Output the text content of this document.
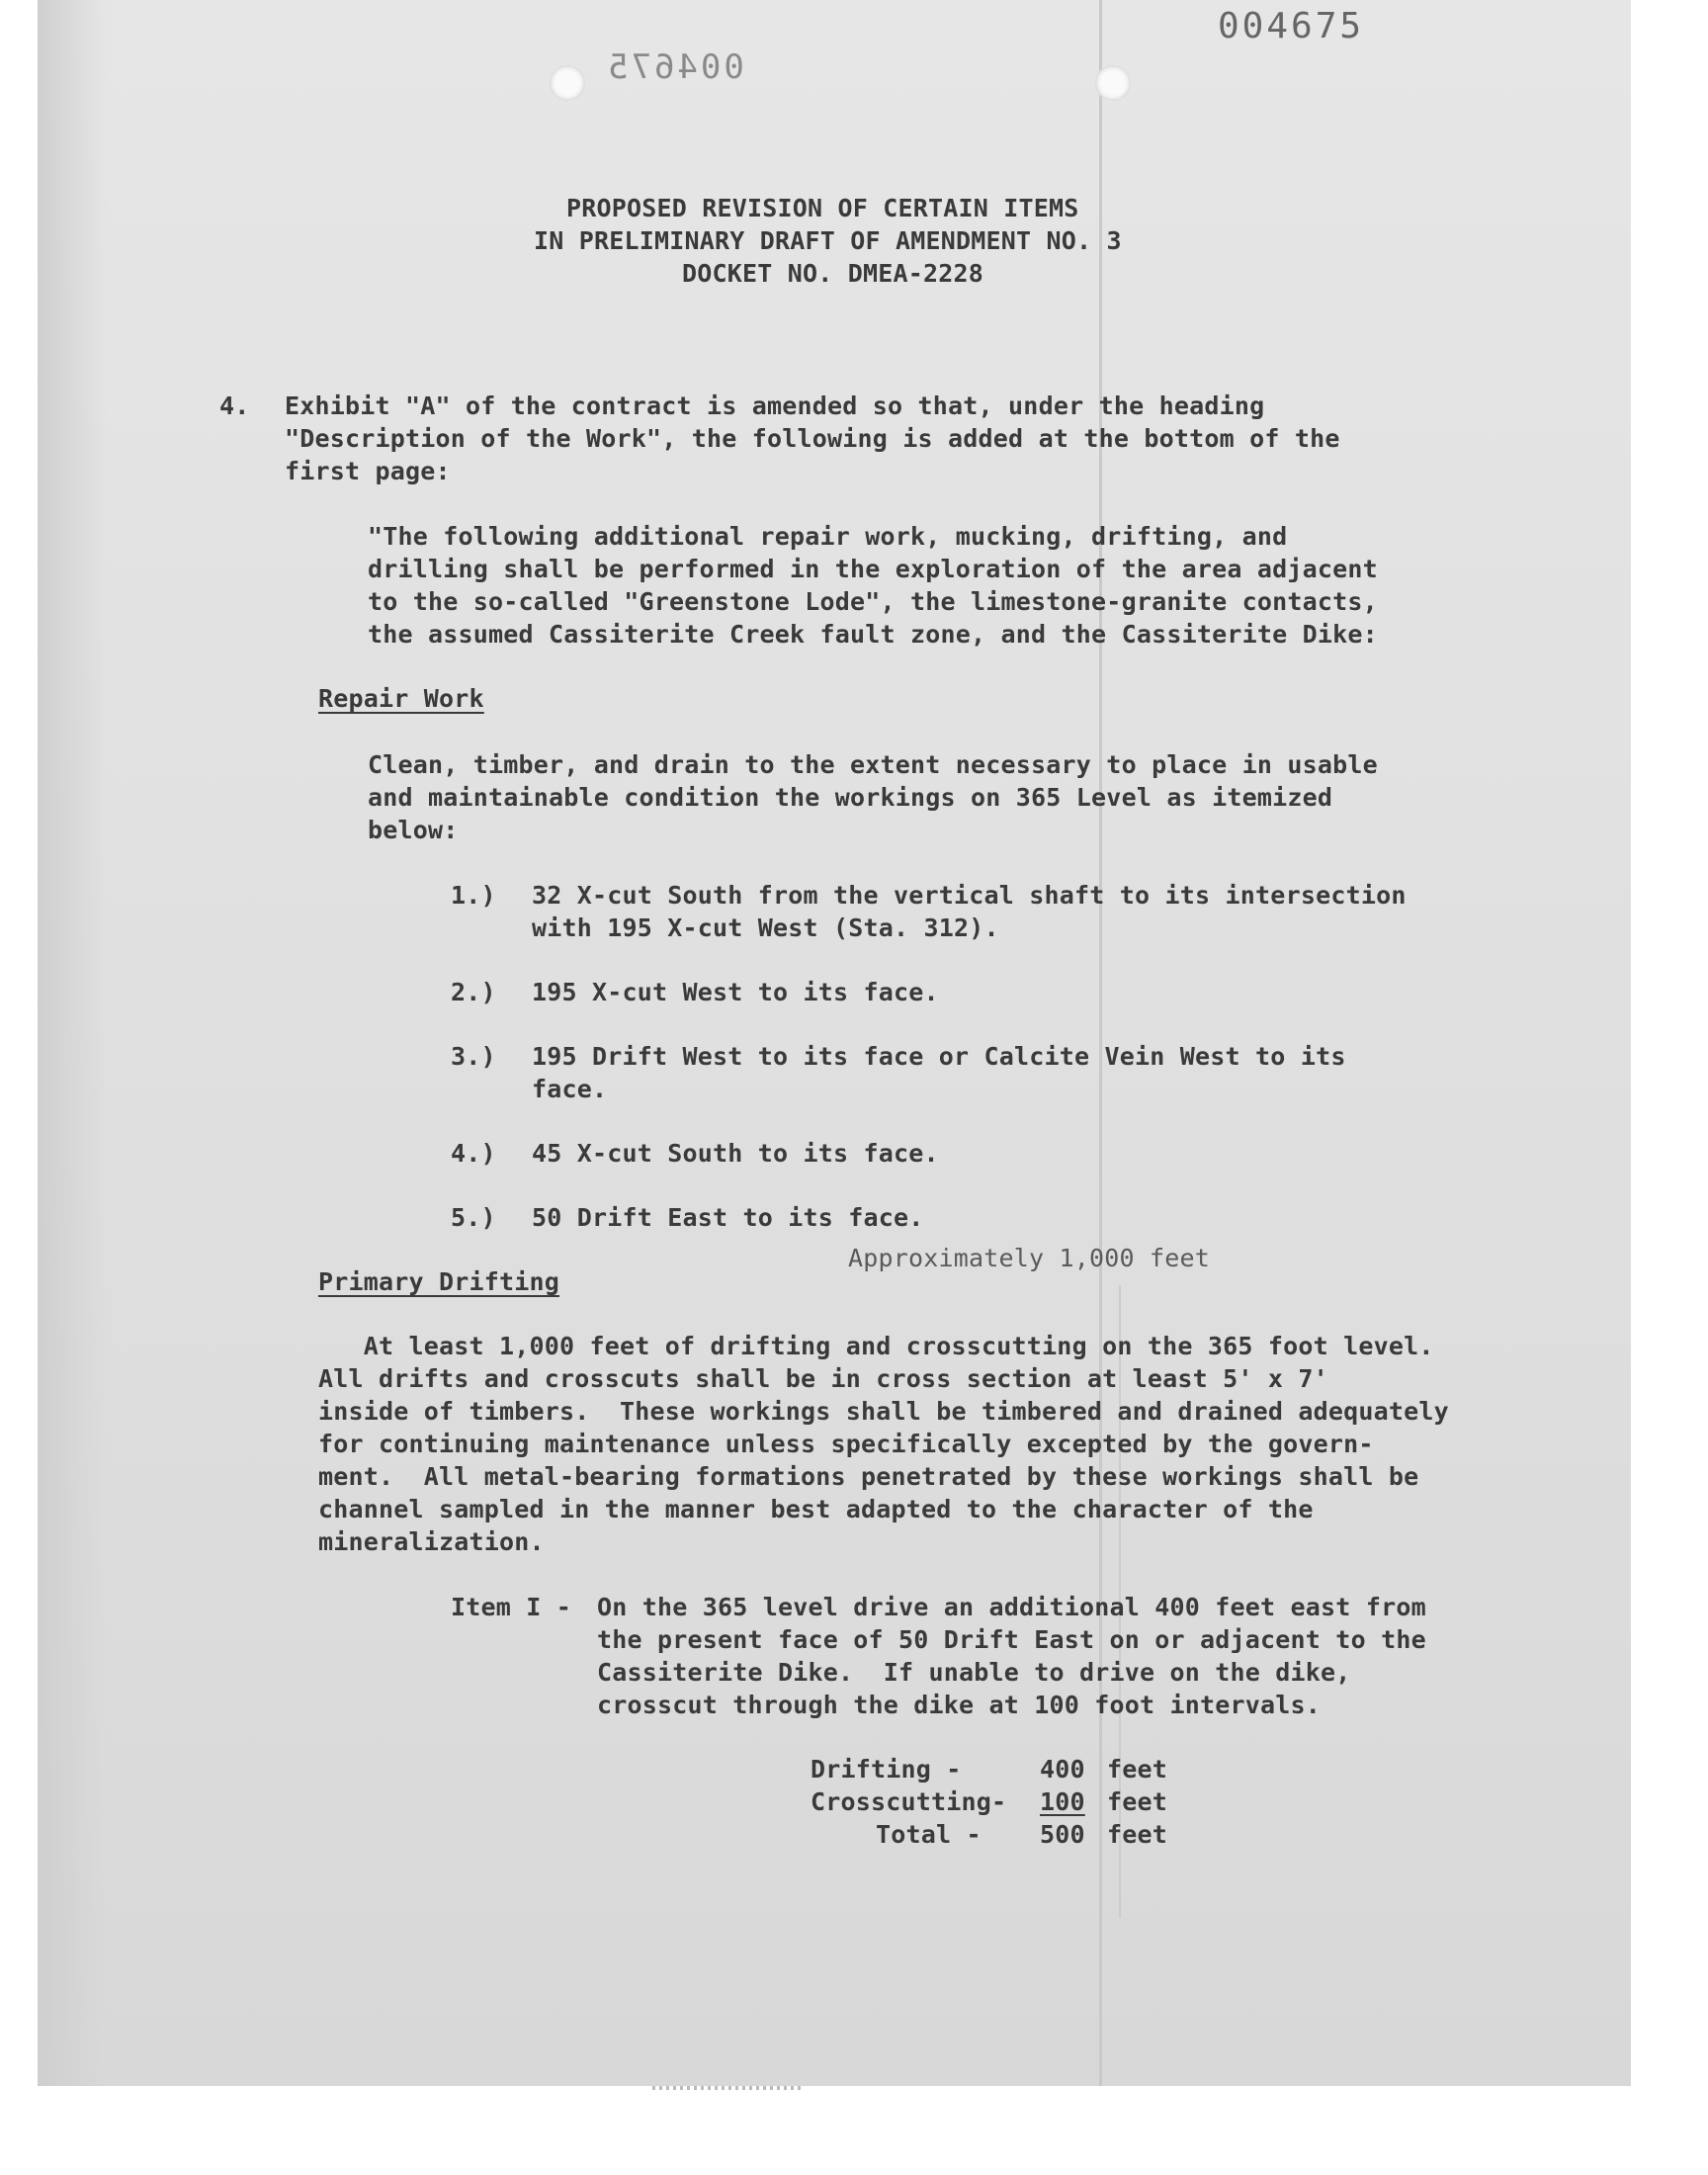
004675
004675
PROPOSED REVISION OF CERTAIN ITEMS
IN PRELIMINARY DRAFT OF AMENDMENT NO. 3
DOCKET NO. DMEA-2228
4. Exhibit "A" of the contract is amended so that, under the heading
"Description of the Work", the following is added at the bottom of the
first page:
"The following additional repair work, mucking, drifting, and
drilling shall be performed in the exploration of the area adjacent
to the so-called "Greenstone Lode", the limestone-granite contacts,
the assumed Cassiterite Creek fault zone, and the Cassiterite Dike:
Repair Work
Clean, timber, and drain to the extent necessary to place in usable
and maintainable condition the workings on 365 Level as itemized
below:
1.) 32 X-cut South from the vertical shaft to its intersection
with 195 X-cut West (Sta. 312).
2.) 195 X-cut West to its face.
3.) 195 Drift West to its face or Calcite Vein West to its
face.
4.) 45 X-cut South to its face.
5.) 50 Drift East to its face.
Approximately 1,000 feet
Primary Drifting
At least 1,000 feet of drifting and crosscutting on the 365 foot level.
All drifts and crosscuts shall be in cross section at least 5' x 7'
inside of timbers.  These workings shall be timbered and drained adequately
for continuing maintenance unless specifically excepted by the govern-
ment.  All metal-bearing formations penetrated by these workings shall be
channel sampled in the manner best adapted to the character of the
mineralization.
Item I - On the 365 level drive an additional 400 feet east from
the present face of 50 Drift East on or adjacent to the
Cassiterite Dike.  If unable to drive on the dike,
crosscut through the dike at 100 foot intervals.
Drifting -	400 feet
Crosscutting- 100 feet
Total - 500 feet
